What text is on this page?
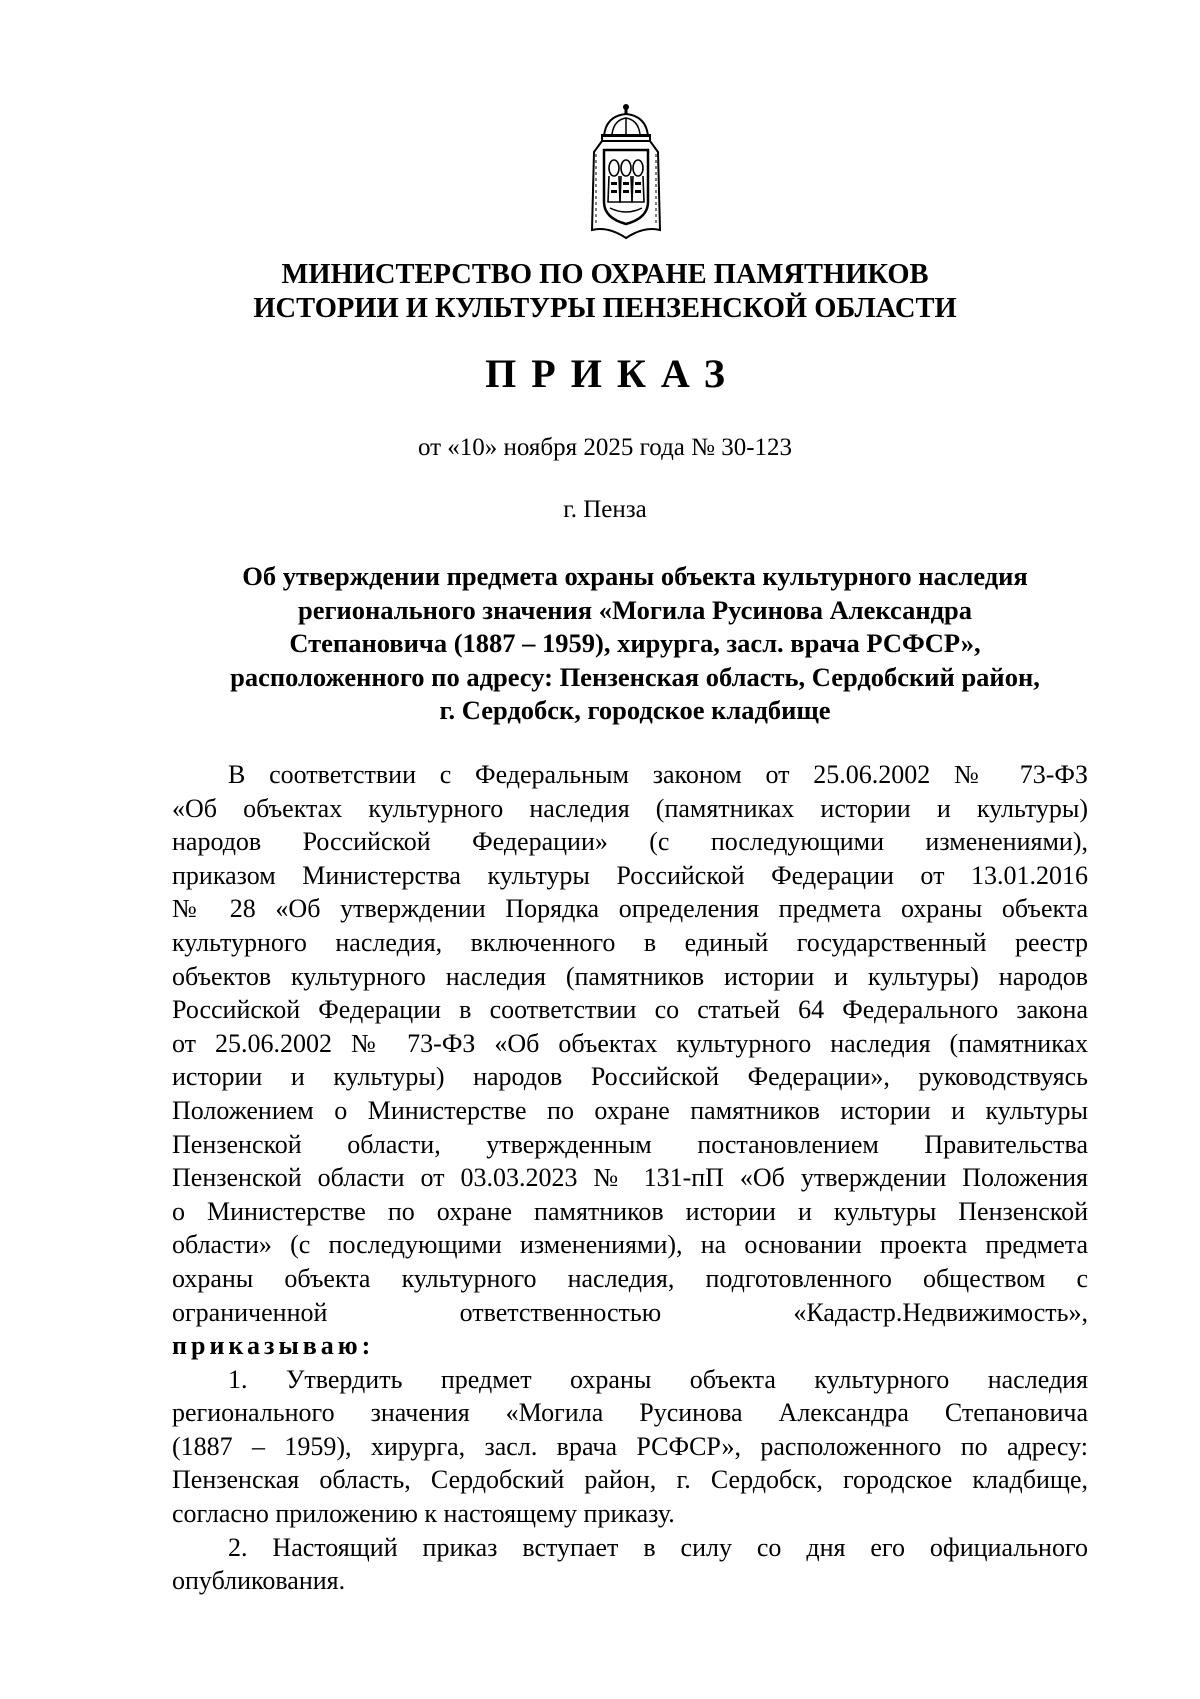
МИНИСТЕРСТВО ПО ОХРАНЕ ПАМЯТНИКОВ
ИСТОРИИ И КУЛЬТУРЫ ПЕНЗЕНСКОЙ ОБЛАСТИ
ПРИКАЗ
от «10» ноября 2025 года № 30-123
г. Пенза
Об утверждении предмета охраны объекта культурного наследия
регионального значения «Могила Русинова Александра
Степановича (1887 – 1959), хирурга, засл. врача РСФСР»,
расположенного по адресу: Пензенская область, Сердобский район,
г. Сердобск, городское кладбище
В соответствии с Федеральным законом от 25.06.2002 № 73-ФЗ
«Об объектах культурного наследия (памятниках истории и культуры)
народов Российской Федерации» (с последующими изменениями),
приказом Министерства культуры Российской Федерации от 13.01.2016
№ 28 «Об утверждении Порядка определения предмета охраны объекта
культурного наследия, включенного в единый государственный реестр
объектов культурного наследия (памятников истории и культуры) народов
Российской Федерации в соответствии со статьей 64 Федерального закона
от 25.06.2002 № 73-ФЗ «Об объектах культурного наследия (памятниках
истории и культуры) народов Российской Федерации», руководствуясь
Положением о Министерстве по охране памятников истории и культуры
Пензенской области, утвержденным постановлением Правительства
Пензенской области от 03.03.2023 № 131-пП «Об утверждении Положения
о Министерстве по охране памятников истории и культуры Пензенской
области» (с последующими изменениями), на основании проекта предмета
охраны объекта культурного наследия, подготовленного обществом с
ограниченной ответственностью «Кадастр.Недвижимость»,
приказываю:
1. Утвердить предмет охраны объекта культурного наследия
регионального значения «Могила Русинова Александра Степановича
(1887 – 1959), хирурга, засл. врача РСФСР», расположенного по адресу:
Пензенская область, Сердобский район, г. Сердобск, городское кладбище,
согласно приложению к настоящему приказу.
2. Настоящий приказ вступает в силу со дня его официального
опубликования.
